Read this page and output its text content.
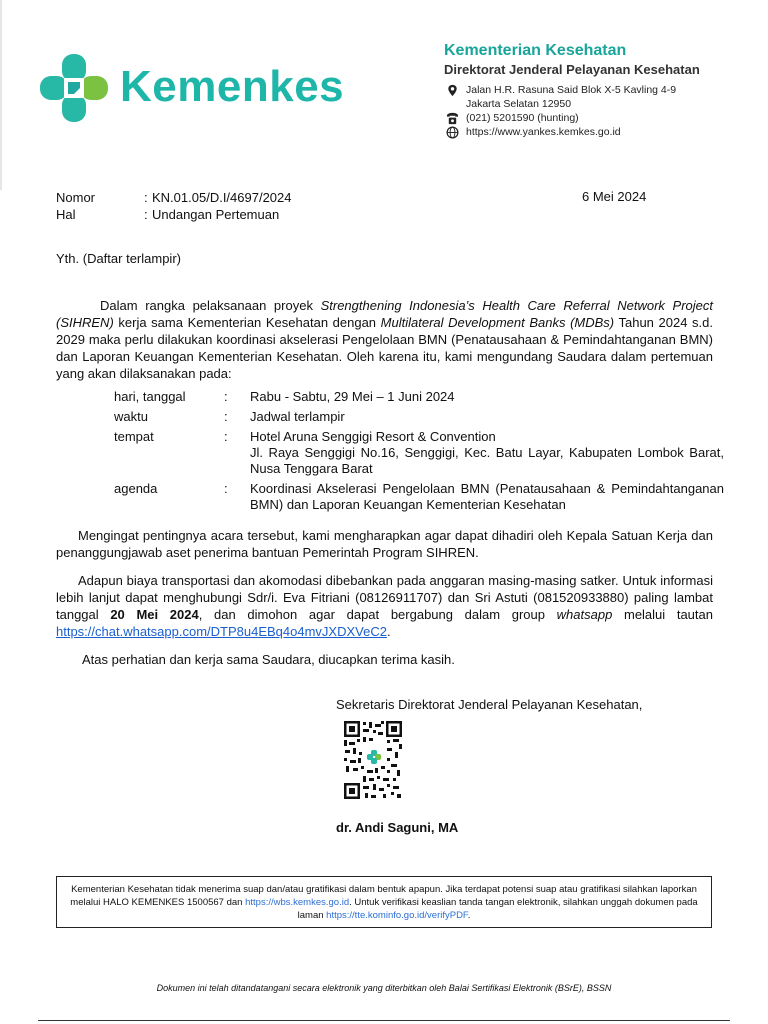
Kemenkes
Kementerian Kesehatan
Direktorat Jenderal Pelayanan Kesehatan
Jalan H.R. Rasuna Said Blok X-5 Kavling 4-9
Jakarta Selatan 12950
(021) 5201590 (hunting)
https://www.yankes.kemkes.go.id
Nomor	: KN.01.05/D.I/4697/2024
Hal	: Undangan Pertemuan
6 Mei 2024
Yth. (Daftar terlampir)
Dalam rangka pelaksanaan proyek Strengthening Indonesia’s Health Care Referral Network Project (SIHREN) kerja sama Kementerian Kesehatan dengan Multilateral Development Banks (MDBs) Tahun 2024 s.d. 2029 maka perlu dilakukan koordinasi akselerasi Pengelolaan BMN (Penatausahaan & Pemindahtanganan BMN) dan Laporan Keuangan Kementerian Kesehatan. Oleh karena itu, kami mengundang Saudara dalam pertemuan yang akan dilaksanakan pada:
hari, tanggal	:	Rabu - Sabtu, 29 Mei – 1 Juni 2024
waktu	:	Jadwal terlampir
tempat	:	Hotel Aruna Senggigi Resort & Convention
Jl. Raya Senggigi No.16, Senggigi, Kec. Batu Layar, Kabupaten Lombok Barat, Nusa Tenggara Barat
agenda	:	Koordinasi Akselerasi Pengelolaan BMN (Penatausahaan & Pemindahtanganan BMN) dan Laporan Keuangan Kementerian Kesehatan
Mengingat pentingnya acara tersebut, kami mengharapkan agar dapat dihadiri oleh Kepala Satuan Kerja dan penanggungjawab aset penerima bantuan Pemerintah Program SIHREN.
Adapun biaya transportasi dan akomodasi dibebankan pada anggaran masing-masing satker. Untuk informasi lebih lanjut dapat menghubungi Sdr/i. Eva Fitriani (08126911707) dan Sri Astuti (081520933880) paling lambat tanggal 20 Mei 2024, dan dimohon agar dapat bergabung dalam group whatsapp melalui tautan https://chat.whatsapp.com/DTP8u4EBq4o4mvJXDXVeC2.
Atas perhatian dan kerja sama Saudara, diucapkan terima kasih.
Sekretaris Direktorat Jenderal Pelayanan Kesehatan,
dr. Andi Saguni, MA
Kementerian Kesehatan tidak menerima suap dan/atau gratifikasi dalam bentuk apapun. Jika terdapat potensi suap atau gratifikasi silahkan laporkan melalui HALO KEMENKES 1500567 dan https://wbs.kemkes.go.id. Untuk verifikasi keaslian tanda tangan elektronik, silahkan unggah dokumen pada laman https://tte.kominfo.go.id/verifyPDF.
Dokumen ini telah ditandatangani secara elektronik yang diterbitkan oleh Balai Sertifikasi Elektronik (BSrE), BSSN
